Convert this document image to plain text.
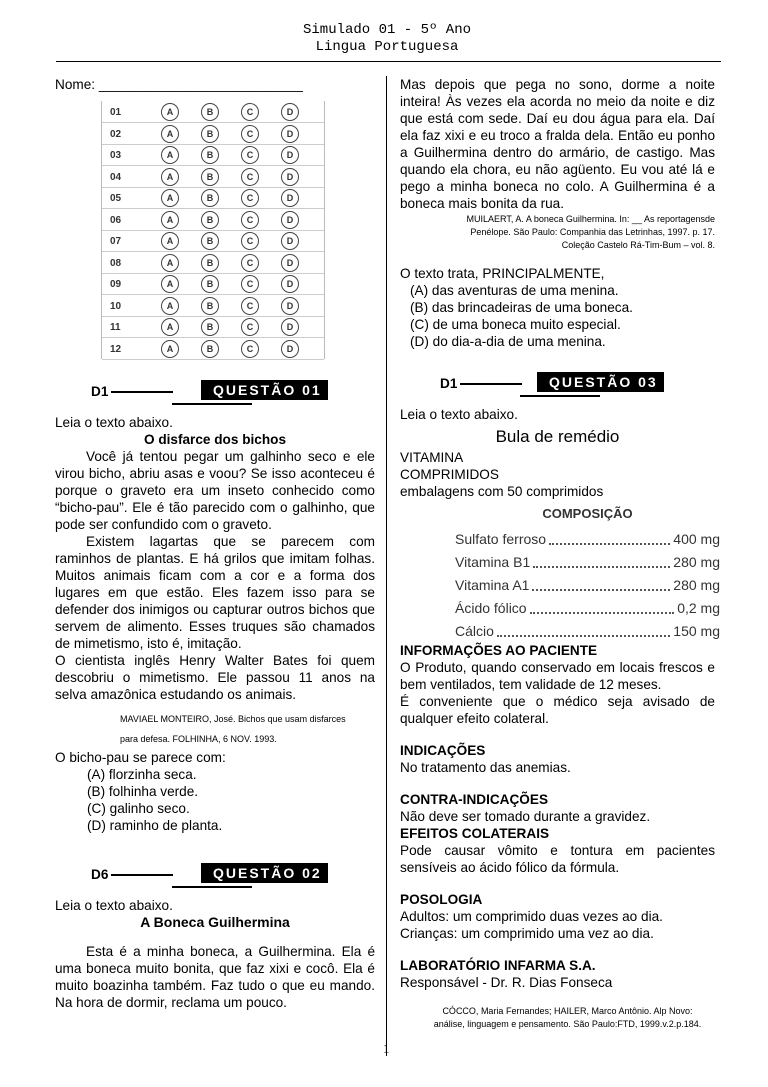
Simulado 01 - 5º Ano
Lingua Portuguesa

Nome: ___________________________

01	A	B	C	D
02	A	B	C	D
03	A	B	C	D
04	A	B	C	D
05	A	B	C	D
06	A	B	C	D
07	A	B	C	D
08	A	B	C	D
09	A	B	C	D
10	A	B	C	D
11	A	B	C	D
12	A	B	C	D
D1	QUESTÃO 01

Leia o texto abaixo.

O disfarce dos bichos

Você já tentou pegar um galhinho seco e ele virou bicho, abriu asas e voou? Se isso aconteceu é porque o graveto era um inseto conhecido como “bicho-pau”. Ele é tão parecido com o galhinho, que pode ser confundido com o graveto.

Existem lagartas que se parecem com raminhos de plantas. E há grilos que imitam folhas. Muitos animais ficam com a cor e a forma dos lugares em que estão. Eles fazem isso para se defender dos inimigos ou capturar outros bichos que servem de alimento. Esses truques são chamados de mimetismo, isto é, imitação.

O cientista inglês Henry Walter Bates foi quem descobriu o mimetismo. Ele passou 11 anos na selva amazônica estudando os animais.

MAVIAEL MONTEIRO, José. Bichos que usam disfarces

para defesa. FOLHINHA, 6 NOV. 1993.

O bicho-pau se parece com:

(A) florzinha seca.

(B) folhinha verde.

(C) galinho seco.

(D) raminho de planta.

D6	QUESTÃO 02

Leia o texto abaixo.

A Boneca Guilhermina

Esta é a minha boneca, a Guilhermina. Ela é uma boneca muito bonita, que faz xixi e cocô. Ela é muito boazinha também. Faz tudo o que eu mando. Na hora de dormir, reclama um pouco.

Mas depois que pega no sono, dorme a noite inteira! Às vezes ela acorda no meio da noite e diz que está com sede. Daí eu dou água para ela. Daí ela faz xixi e eu troco a fralda dela. Então eu ponho a Guilhermina dentro do armário, de castigo. Mas quando ela chora, eu não agüento. Eu vou até lá e pego a minha boneca no colo. A Guilhermina é a boneca mais bonita da rua.

MUILAERT, A. A boneca Guilhermina. In: __ As reportagensde

Penélope. São Paulo: Companhia das Letrinhas, 1997. p. 17.

Coleção Castelo Rá-Tim-Bum – vol. 8.

O texto trata, PRINCIPALMENTE,

(A) das aventuras de uma menina.

(B) das brincadeiras de uma boneca.

(C) de uma boneca muito especial.

(D) do dia-a-dia de uma menina.

D1	QUESTÃO 03

Leia o texto abaixo.

Bula de remédio

VITAMINA

COMPRIMIDOS

embalagens com 50 comprimidos

COMPOSIÇÃO
Sulfato ferroso	400 mg
Vitamina B1	280 mg
Vitamina A1	280 mg
Ácido fólico	0,2 mg
Cálcio	150 mg

INFORMAÇÕES AO PACIENTE

O Produto, quando conservado em locais frescos e bem ventilados, tem validade de 12 meses.

É conveniente que o médico seja avisado de qualquer efeito colateral.

INDICAÇÕES

No tratamento das anemias.

CONTRA-INDICAÇÕES

Não deve ser tomado durante a gravidez.

EFEITOS COLATERAIS

Pode causar vômito e tontura em pacientes sensíveis ao ácido fólico da fórmula.

POSOLOGIA

Adultos: um comprimido duas vezes ao dia.

Crianças: um comprimido uma vez ao dia.

LABORATÓRIO INFARMA S.A.

Responsável - Dr. R. Dias Fonseca

CÓCCO, Maria Fernandes; HAILER, Marco Antônio. Alp Novo:

análise, linguagem e pensamento. São Paulo:FTD, 1999.v.2.p.184.

1
